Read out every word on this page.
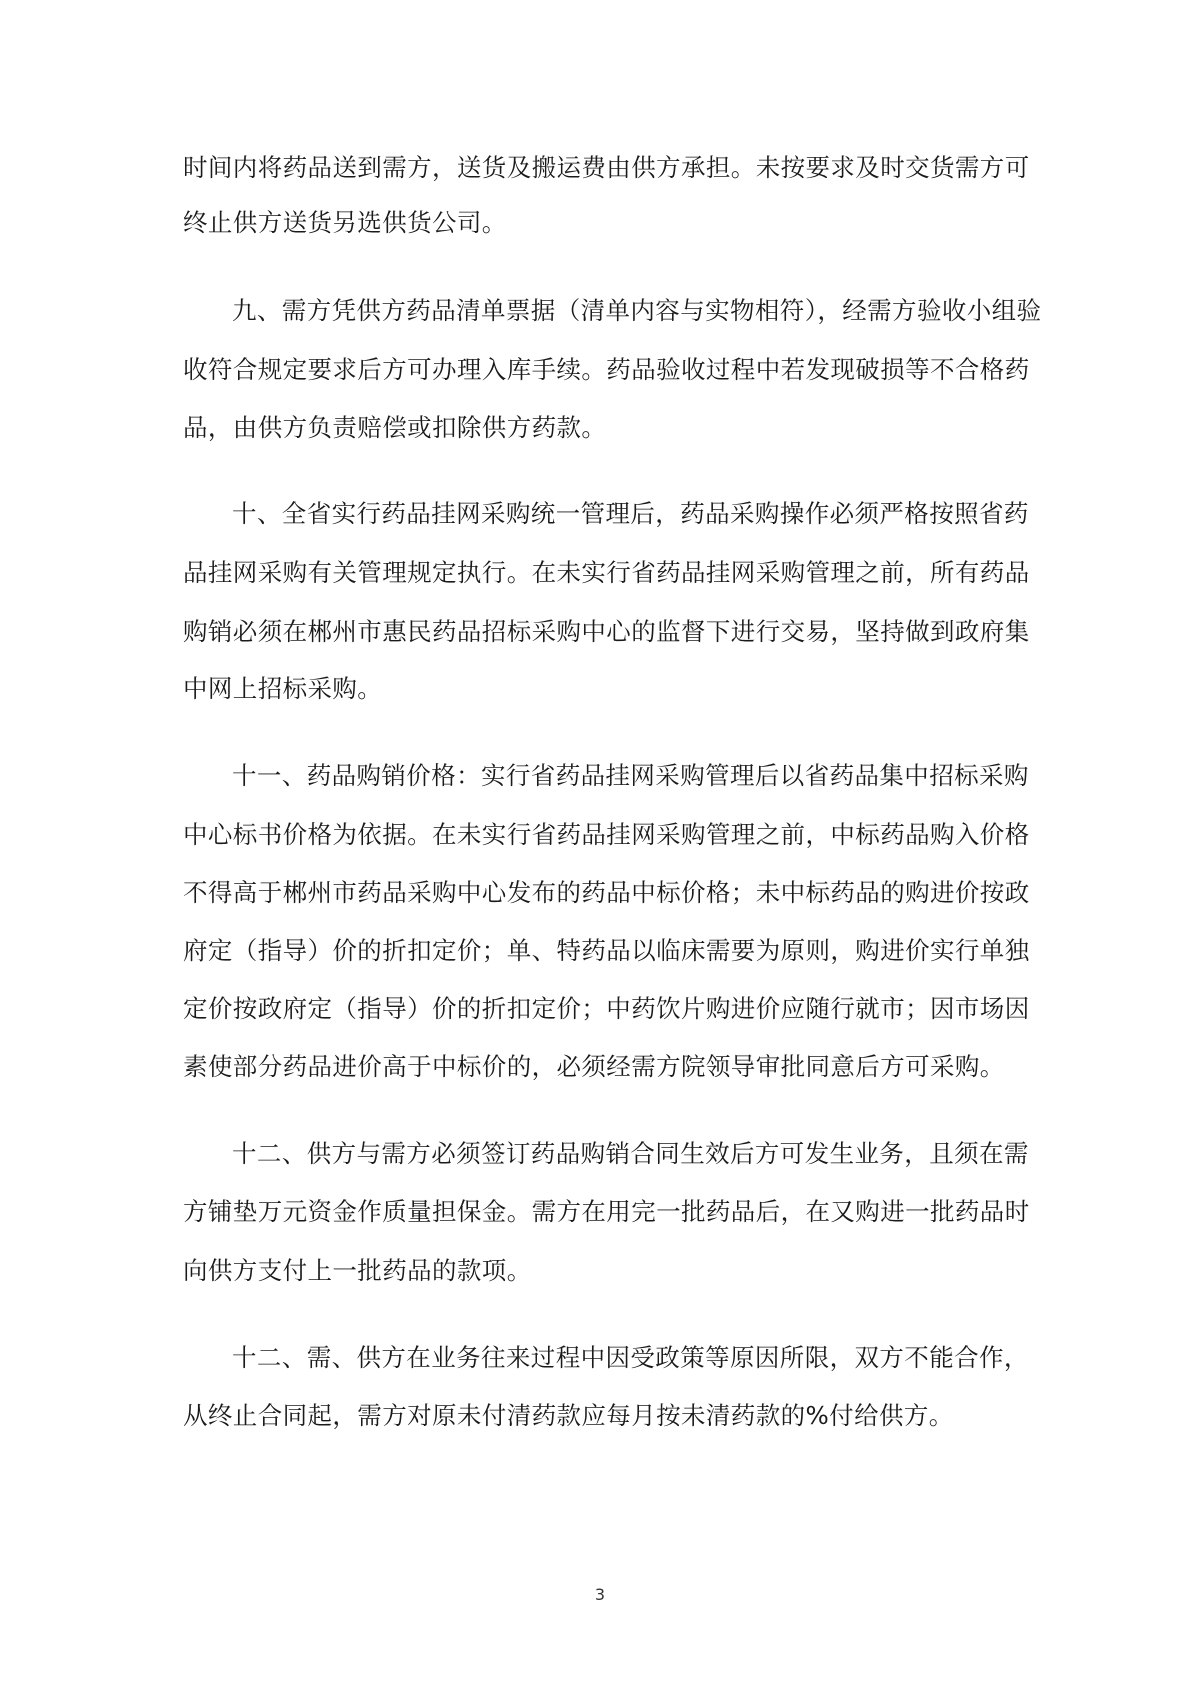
时间内将药品送到需方，送货及搬运费由供方承担。未按要求及时交货需方可
终止供方送货另选供货公司。
九、需方凭供方药品清单票据（清单内容与实物相符），经需方验收小组验
收符合规定要求后方可办理入库手续。药品验收过程中若发现破损等不合格药
品，由供方负责赔偿或扣除供方药款。
十、全省实行药品挂网采购统一管理后，药品采购操作必须严格按照省药
品挂网采购有关管理规定执行。在未实行省药品挂网采购管理之前，所有药品
购销必须在郴州市惠民药品招标采购中心的监督下进行交易，坚持做到政府集
中网上招标采购。
十一、药品购销价格：实行省药品挂网采购管理后以省药品集中招标采购
中心标书价格为依据。在未实行省药品挂网采购管理之前，中标药品购入价格
不得高于郴州市药品采购中心发布的药品中标价格；未中标药品的购进价按政
府定（指导）价的折扣定价；单、特药品以临床需要为原则，购进价实行单独
定价按政府定（指导）价的折扣定价；中药饮片购进价应随行就市；因市场因
素使部分药品进价高于中标价的，必须经需方院领导审批同意后方可采购。
十二、供方与需方必须签订药品购销合同生效后方可发生业务，且须在需
方铺垫万元资金作质量担保金。需方在用完一批药品后，在又购进一批药品时
向供方支付上一批药品的款项。
十二、需、供方在业务往来过程中因受政策等原因所限，双方不能合作，
从终止合同起，需方对原未付清药款应每月按未清药款的%付给供方。
3
